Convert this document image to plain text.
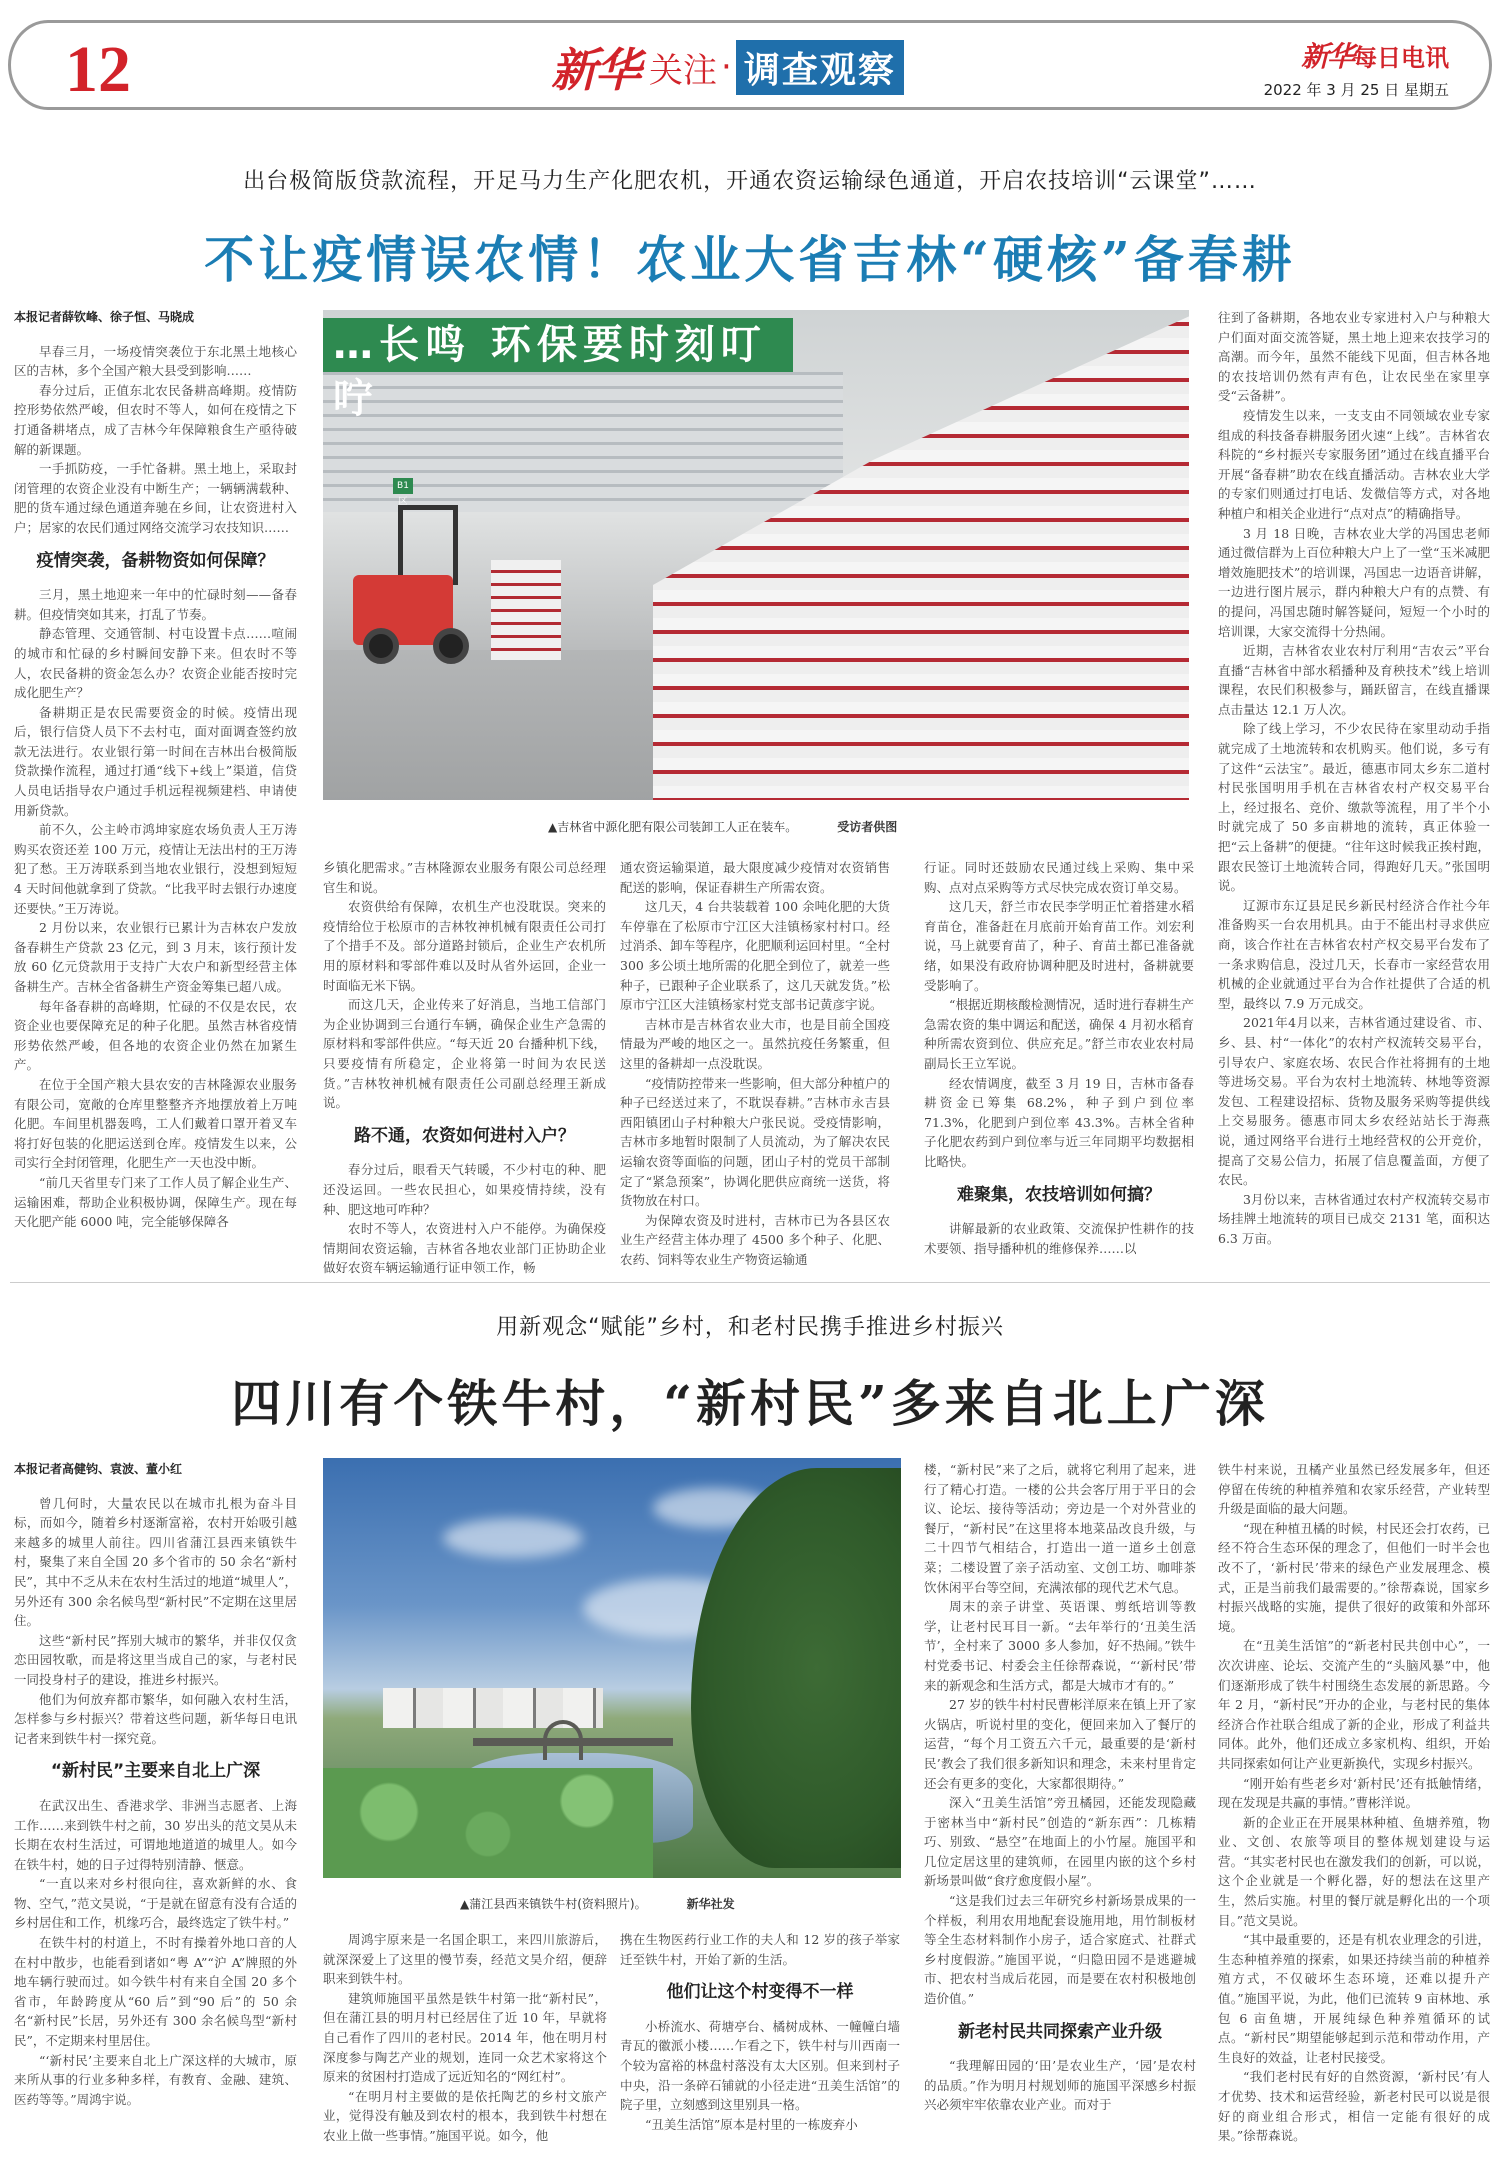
12	新华 关注 · 调查观察	新华每日电讯
2022 年 3 月 25 日 星期五
出台极简版贷款流程，开足马力生产化肥农机，开通农资运输绿色通道，开启农技培训“云课堂”……
不让疫情误农情！农业大省吉林“硬核”备春耕
…长鸣 环保要时刻叮咛
B1区
▲吉林省中源化肥有限公司装卸工人正在装车。	受访者供图
本报记者薛钦峰、徐子恒、马晓成

早春三月，一场疫情突袭位于东北黑土地核心区的吉林，多个全国产粮大县受到影响……

春分过后，正值东北农民备耕高峰期。疫情防控形势依然严峻，但农时不等人，如何在疫情之下打通备耕堵点，成了吉林今年保障粮食生产亟待破解的新课题。

一手抓防疫，一手忙备耕。黑土地上，采取封闭管理的农资企业没有中断生产；一辆辆满载种、肥的货车通过绿色通道奔驰在乡间，让农资进村入户；居家的农民们通过网络交流学习农技知识……

疫情突袭，备耕物资如何保障？

三月，黑土地迎来一年中的忙碌时刻——备春耕。但疫情突如其来，打乱了节奏。

静态管理、交通管制、村屯设置卡点……喧闹的城市和忙碌的乡村瞬间安静下来。但农时不等人，农民备耕的资金怎么办？农资企业能否按时完成化肥生产？

备耕期正是农民需要资金的时候。疫情出现后，银行信贷人员下不去村屯，面对面调查签约放款无法进行。农业银行第一时间在吉林出台极简版贷款操作流程，通过打通“线下+线上”渠道，信贷人员电话指导农户通过手机远程视频建档、申请使用新贷款。

前不久，公主岭市鸿坤家庭农场负责人王万涛购买农资还差 100 万元，疫情让无法出村的王万涛犯了愁。王万涛联系到当地农业银行，没想到短短 4 天时间他就拿到了贷款。“比我平时去银行办速度还要快。”王万涛说。

2 月份以来，农业银行已累计为吉林农户发放备春耕生产贷款 23 亿元，到 3 月末，该行预计发放 60 亿元贷款用于支持广大农户和新型经营主体备耕生产。吉林全省备耕生产资金筹集已超八成。

每年备春耕的高峰期，忙碌的不仅是农民，农资企业也要保障充足的种子化肥。虽然吉林省疫情形势依然严峻，但各地的农资企业仍然在加紧生产。

在位于全国产粮大县农安的吉林隆源农业服务有限公司，宽敞的仓库里整整齐齐地摆放着上万吨化肥。车间里机器轰鸣，工人们戴着口罩开着叉车将打好包装的化肥运送到仓库。疫情发生以来，公司实行全封闭管理，化肥生产一天也没中断。

“前几天省里专门来了工作人员了解企业生产、运输困难，帮助企业积极协调，保障生产。现在每天化肥产能 6000 吨，完全能够保障各

乡镇化肥需求。”吉林隆源农业服务有限公司总经理官生和说。

农资供给有保障，农机生产也没耽误。突来的疫情给位于松原市的吉林牧神机械有限责任公司打了个措手不及。部分道路封锁后，企业生产农机所用的原材料和零部件难以及时从省外运回，企业一时面临无米下锅。

而这几天，企业传来了好消息，当地工信部门为企业协调到三台通行车辆，确保企业生产急需的原材料和零部件供应。“每天近 20 台播种机下线，只要疫情有所稳定，企业将第一时间为农民送货。”吉林牧神机械有限责任公司副总经理王新成说。

路不通，农资如何进村入户？

春分过后，眼看天气转暖，不少村屯的种、肥还没运回。一些农民担心，如果疫情持续，没有种、肥这地可咋种？

农时不等人，农资进村入户不能停。为确保疫情期间农资运输，吉林省各地农业部门正协助企业做好农资车辆运输通行证申领工作，畅

通农资运输渠道，最大限度减少疫情对农资销售配送的影响，保证春耕生产所需农资。

这几天，4 台共装载着 100 余吨化肥的大货车停靠在了松原市宁江区大洼镇杨家村村口。经过消杀、卸车等程序，化肥顺利运回村里。“全村 300 多公顷土地所需的化肥全到位了，就差一些种子，已跟种子企业联系了，这几天就发货。”松原市宁江区大洼镇杨家村党支部书记黄彦宇说。

吉林市是吉林省农业大市，也是目前全国疫情最为严峻的地区之一。虽然抗疫任务繁重，但这里的备耕却一点没耽误。

“疫情防控带来一些影响，但大部分种植户的种子已经送过来了，不耽误春耕。”吉林市永吉县西阳镇团山子村种粮大户张民说。受疫情影响，吉林市多地暂时限制了人员流动，为了解决农民运输农资等面临的问题，团山子村的党员干部制定了“紧急预案”，协调化肥供应商统一送货，将货物放在村口。

为保障农资及时进村，吉林市已为各县区农业生产经营主体办理了 4500 多个种子、化肥、农药、饲料等农业生产物资运输通

行证。同时还鼓励农民通过线上采购、集中采购、点对点采购等方式尽快完成农资订单交易。

这几天，舒兰市农民李学明正忙着搭建水稻育苗仓，准备赶在月底前开始育苗工作。刘宏利说，马上就要育苗了，种子、育苗土都已准备就绪，如果没有政府协调种肥及时进村，备耕就要受影响了。

“根据近期核酸检测情况，适时进行春耕生产急需农资的集中调运和配送，确保 4 月初水稻育种所需农资到位、供应充足。”舒兰市农业农村局副局长王立军说。

经农情调度，截至 3 月 19 日，吉林市备春耕资金已筹集 68.2%，种子到户到位率 71.3%，化肥到户到位率 43.3%。吉林全省种子化肥农药到户到位率与近三年同期平均数据相比略快。

难聚集，农技培训如何搞？

讲解最新的农业政策、交流保护性耕作的技术要领、指导播种机的维修保养……以

往到了备耕期，各地农业专家进村入户与种粮大户们面对面交流答疑，黑土地上迎来农技学习的高潮。而今年，虽然不能线下见面，但吉林各地的农技培训仍然有声有色，让农民坐在家里享受“云备耕”。

疫情发生以来，一支支由不同领域农业专家组成的科技备春耕服务团火速“上线”。吉林省农科院的“乡村振兴专家服务团”通过在线直播平台开展“备春耕”助农在线直播活动。吉林农业大学的专家们则通过打电话、发微信等方式，对各地种植户和相关企业进行“点对点”的精确指导。

3 月 18 日晚，吉林农业大学的冯国忠老师通过微信群为上百位种粮大户上了一堂“玉米减肥增效施肥技术”的培训课，冯国忠一边语音讲解，一边进行图片展示，群内种粮大户有的点赞、有的提问，冯国忠随时解答疑问，短短一个小时的培训课，大家交流得十分热闹。

近期，吉林省农业农村厅利用“吉农云”平台直播“吉林省中部水稻播种及育秧技术”线上培训课程，农民们积极参与，踊跃留言，在线直播课点击量达 12.1 万人次。

除了线上学习，不少农民待在家里动动手指就完成了土地流转和农机购买。他们说，多亏有了这件“云法宝”。最近，德惠市同太乡东二道村村民张国明用手机在吉林省农村产权交易平台上，经过报名、竞价、缴款等流程，用了半个小时就完成了 50 多亩耕地的流转，真正体验一把“云上备耕”的便捷。“往年这时候我正挨村跑，跟农民签订土地流转合同，得跑好几天。”张国明说。

辽源市东辽县足民乡新民村经济合作社今年准备购买一台农用机具。由于不能出村寻求供应商，该合作社在吉林省农村产权交易平台发布了一条求购信息，没过几天，长春市一家经营农用机械的企业就通过平台为合作社提供了合适的机型，最终以 7.9 万元成交。

2021年4月以来，吉林省通过建设省、市、乡、县、村“一体化”的农村产权流转交易平台，引导农户、家庭农场、农民合作社将拥有的土地等进场交易。平台为农村土地流转、林地等资源发包、工程建设招标、货物及服务采购等提供线上交易服务。德惠市同太乡农经站站长于海燕说，通过网络平台进行土地经营权的公开竞价，提高了交易公信力，拓展了信息覆盖面，方便了农民。

3月份以来，吉林省通过农村产权流转交易市场挂牌土地流转的项目已成交 2131 笔，面积达 6.3 万亩。

用新观念“赋能”乡村，和老村民携手推进乡村振兴
四川有个铁牛村，“新村民”多来自北上广深
▲蒲江县西来镇铁牛村(资料照片)。	新华社发
本报记者高健钧、袁波、董小红

曾几何时，大量农民以在城市扎根为奋斗目标，而如今，随着乡村逐渐富裕，农村开始吸引越来越多的城里人前往。四川省蒲江县西来镇铁牛村，聚集了来自全国 20 多个省市的 50 余名“新村民”，其中不乏从未在农村生活过的地道“城里人”，另外还有 300 余名候鸟型“新村民”不定期在这里居住。

这些“新村民”挥别大城市的繁华，并非仅仅贪恋田园牧歌，而是将这里当成自己的家，与老村民一同投身村子的建设，推进乡村振兴。

他们为何放弃都市繁华，如何融入农村生活，怎样参与乡村振兴？带着这些问题，新华每日电讯记者来到铁牛村一探究竟。

“新村民”主要来自北上广深

在武汉出生、香港求学、非洲当志愿者、上海工作……来到铁牛村之前，30 岁出头的范文昊从未长期在农村生活过，可谓地地道道的城里人。如今在铁牛村，她的日子过得特别清静、惬意。

“一直以来对乡村很向往，喜欢新鲜的水、食物、空气，”范文昊说，“于是就在留意有没有合适的乡村居住和工作，机缘巧合，最终选定了铁牛村。”

在铁牛村的村道上，不时有操着外地口音的人在村中散步，也能看到诸如“粤 A”“沪 A”牌照的外地车辆行驶而过。如今铁牛村有来自全国 20 多个省市，年龄跨度从“60 后”到“90 后”的 50 余名“新村民”长居，另外还有 300 余名候鸟型“新村民”，不定期来村里居住。

“‘新村民’主要来自北上广深这样的大城市，原来所从事的行业多种多样，有教育、金融、建筑、医药等等。”周鸿宇说。

周鸿宇原来是一名国企职工，来四川旅游后，就深深爱上了这里的慢节奏，经范文昊介绍，便辞职来到铁牛村。

建筑师施国平虽然是铁牛村第一批“新村民”，但在蒲江县的明月村已经居住了近 10 年，早就将自己看作了四川的老村民。2014 年，他在明月村深度参与陶艺产业的规划，连同一众艺术家将这个原来的贫困村打造成了远近知名的“网红村”。

“在明月村主要做的是依托陶艺的乡村文旅产业，觉得没有触及到农村的根本，我到铁牛村想在农业上做一些事情。”施国平说。如今，他

携在生物医药行业工作的夫人和 12 岁的孩子举家迁至铁牛村，开始了新的生活。

他们让这个村变得不一样

小桥流水、荷塘亭台、橘树成林、一幢幢白墙青瓦的徽派小楼……乍看之下，铁牛村与川西南一个较为富裕的林盘村落没有太大区别。但来到村子中央，沿一条碎石铺就的小径走进“丑美生活馆”的院子里，立刻感到这里别具一格。

“丑美生活馆”原本是村里的一栋废弃小

楼，“新村民”来了之后，就将它利用了起来，进行了精心打造。一楼的公共会客厅用于平日的会议、论坛、接待等活动；旁边是一个对外营业的餐厅，“新村民”在这里将本地菜品改良升级，与二十四节气相结合，打造出一道一道乡土创意菜；二楼设置了亲子活动室、文创工坊、咖啡茶饮休闲平台等空间，充满浓郁的现代艺术气息。

周末的亲子讲堂、英语课、剪纸培训等教学，让老村民耳目一新。“去年举行的‘丑美生活节’，全村来了 3000 多人参加，好不热闹。”铁牛村党委书记、村委会主任徐帮森说，“‘新村民’带来的新观念和生活方式，都是大城市才有的。”

27 岁的铁牛村村民曹彬洋原来在镇上开了家火锅店，听说村里的变化，便回来加入了餐厅的运营，“每个月工资五六千元，最重要的是‘新村民’教会了我们很多新知识和理念，未来村里肯定还会有更多的变化，大家都很期待。”

深入“丑美生活馆”旁丑橘园，还能发现隐藏于密林当中“新村民”创造的“新东西”：几栋精巧、别致、“悬空”在地面上的小竹屋。施国平和几位定居这里的建筑师，在园里内嵌的这个乡村新场景叫做“食疗愈度假小屋”。

“这是我们过去三年研究乡村新场景成果的一个样板，利用农用地配套设施用地，用竹制板材等全生态材料制作小房子，适合家庭式、社群式乡村度假游。”施国平说，“归隐田园不是逃避城市、把农村当成后花园，而是要在农村积极地创造价值。”

新老村民共同探索产业升级

“我理解田园的‘田’是农业生产，‘园’是农村的品质。”作为明月村规划师的施国平深感乡村振兴必须牢牢依靠农业产业。而对于

铁牛村来说，丑橘产业虽然已经发展多年，但还停留在传统的种植养殖和农家乐经营，产业转型升级是面临的最大问题。

“现在种植丑橘的时候，村民还会打农药，已经不符合生态环保的理念了，但他们一时半会也改不了，‘新村民’带来的绿色产业发展理念、模式，正是当前我们最需要的。”徐帮森说，国家乡村振兴战略的实施，提供了很好的政策和外部环境。

在“丑美生活馆”的“新老村民共创中心”，一次次讲座、论坛、交流产生的“头脑风暴”中，他们逐渐形成了铁牛村围绕生态发展的新思路。今年 2 月，“新村民”开办的企业，与老村民的集体经济合作社联合组成了新的企业，形成了利益共同体。此外，他们还成立多家机构、组织，开始共同探索如何让产业更新换代，实现乡村振兴。

“刚开始有些老乡对‘新村民’还有抵触情绪，现在发现是共赢的事情。”曹彬洋说。

新的企业正在开展果林种植、鱼塘养殖，物业、文创、农旅等项目的整体规划建设与运营。“其实老村民也在激发我们的创新，可以说，这个企业就是一个孵化器，好的想法在这里产生，然后实施。村里的餐厅就是孵化出的一个项目。”范文昊说。

“其中最重要的，还是有机农业理念的引进，生态种植养殖的探索，如果还持续当前的种植养殖方式，不仅破坏生态环境，还难以提升产值。”施国平说，为此，他们已流转 9 亩林地、承包 6 亩鱼塘，开展纯绿色种养殖循环的试点。“新村民”期望能够起到示范和带动作用，产生良好的效益，让老村民接受。

“我们老村民有好的自然资源，‘新村民’有人才优势、技术和运营经验，新老村民可以说是很好的商业组合形式，相信一定能有很好的成果。”徐帮森说。
